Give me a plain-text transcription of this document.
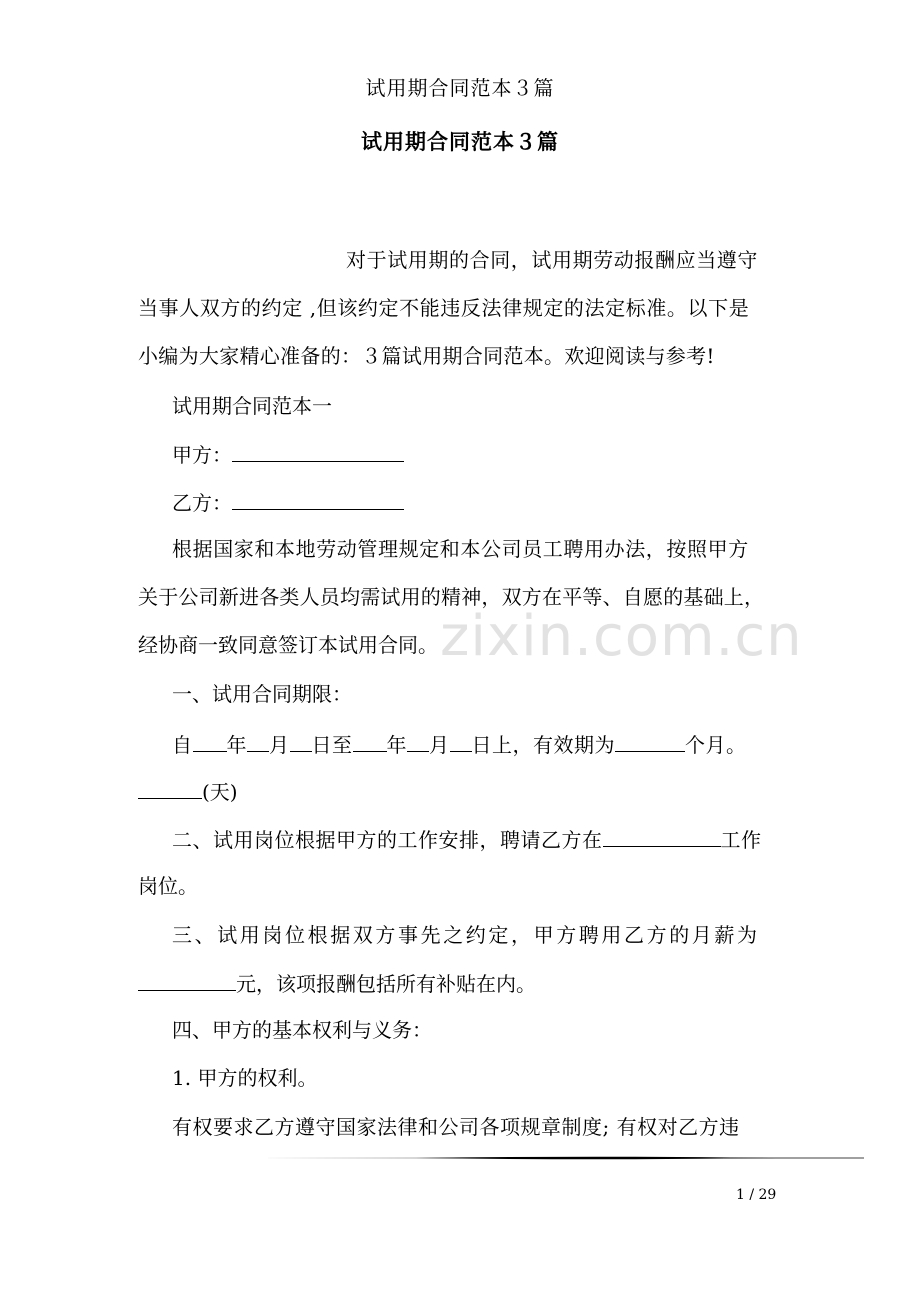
试用期合同范本３篇
试用期合同范本３篇
对于试用期的合同，试用期劳动报酬应当遵守
当事人双方的约定 ,但该约定不能违反法律规定的法定标准。以下是
小编为大家精心准备的：３篇试用期合同范本。欢迎阅读与参考!
试用期合同范本一
甲方：
乙方：
根据国家和本地劳动管理规定和本公司员工聘用办法，按照甲方
关于公司新进各类人员均需试用的精神，双方在平等、自愿的基础上，
经协商一致同意签订本试用合同。
一、试用合同期限：
自 年 月 日至 年 月 日上，有效期为	个月。
(天)
二、试用岗位根据甲方的工作安排，聘请乙方在	工作
岗位。
三、试用岗位根据双方事先之约定，甲方聘用乙方的月薪为
元，该项报酬包括所有补贴在内。
四、甲方的基本权利与义务：
1. 甲方的权利。
有权要求乙方遵守国家法律和公司各项规章制度; 有权对乙方违
zixin.com.cn
1 / 29
